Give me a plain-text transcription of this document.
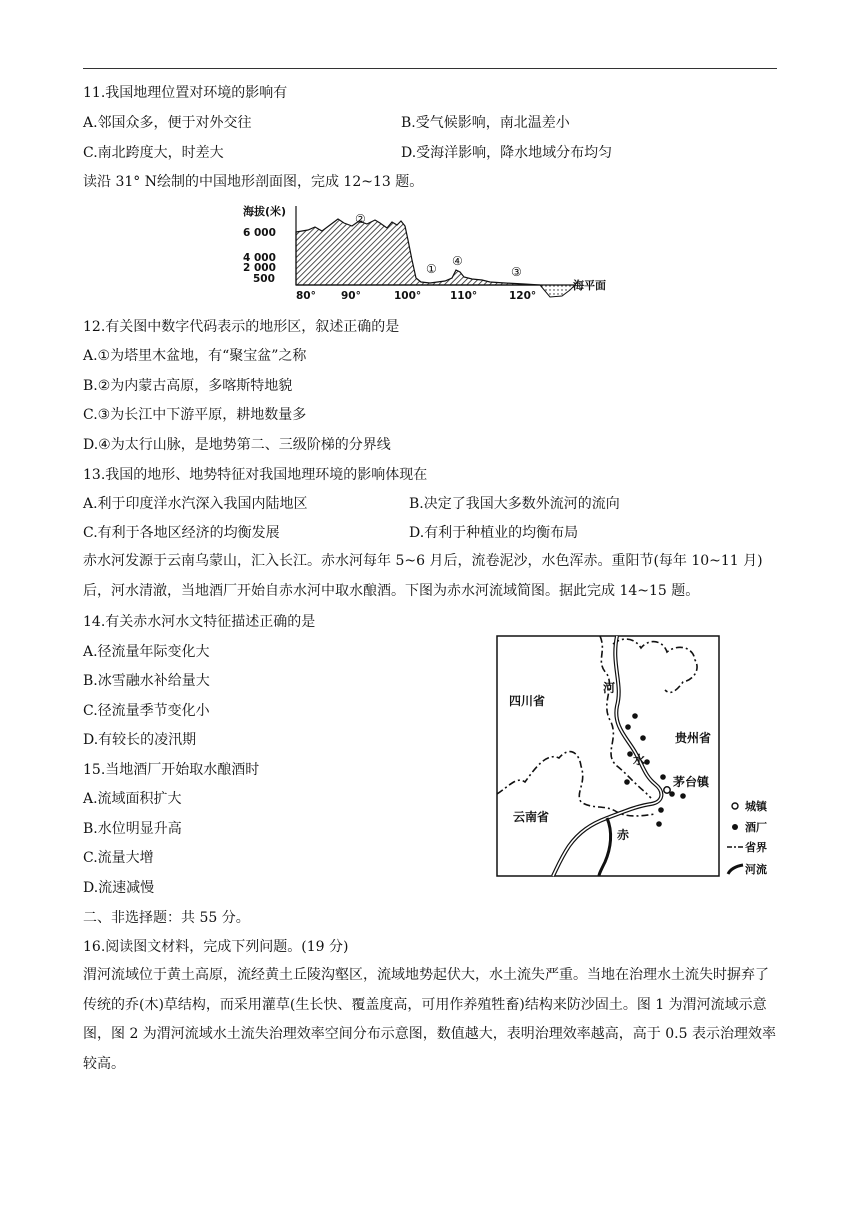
11.我国地理位置对环境的影响有
A.邻国众多，便于对外交往	B.受气候影响，南北温差小
C.南北跨度大，时差大	D.受海洋影响，降水地域分布均匀
读沿 31° N绘制的中国地形剖面图，完成 12~13 题。
海拔(米)
6 000
4 000
2 000
500	海平面
②
①
④
③
80° 90°	100°	110°	120°
12.有关图中数字代码表示的地形区，叙述正确的是
A.①为塔里木盆地，有“聚宝盆”之称
B.②为内蒙古高原，多喀斯特地貌
C.③为长江中下游平原，耕地数量多
D.④为太行山脉，是地势第二、三级阶梯的分界线
13.我国的地形、地势特征对我国地理环境的影响体现在
A.利于印度洋水汽深入我国内陆地区	B.决定了我国大多数外流河的流向
C.有利于各地区经济的均衡发展	D.有利于种植业的均衡布局
赤水河发源于云南乌蒙山，汇入长江。赤水河每年 5~6 月后，流卷泥沙，水色浑赤。重阳节(每年 10~11 月)后，河水清澈，当地酒厂开始自赤水河中取水酿酒。下图为赤水河流域简图。据此完成 14~15 题。
14.有关赤水河水文特征描述正确的是
A.径流量年际变化大
B.冰雪融水补给量大
C.径流量季节变化小
D.有较长的凌汛期
15.当地酒厂开始取水酿酒时
A.流域面积扩大
B.水位明显升高
C.流量大增
D.流速减慢
四川省
贵州省
云南省
河
水
赤
茅台镇
城镇
酒厂
省界
河流
二、非选择题：共 55 分。
16.阅读图文材料，完成下列问题。(19 分)
渭河流域位于黄土高原，流经黄土丘陵沟壑区，流域地势起伏大，水土流失严重。当地在治理水土流失时摒弃了传统的乔(木)草结构，而采用灌草(生长快、覆盖度高，可用作养殖牲畜)结构来防沙固土。图 1 为渭河流域示意图，图 2 为渭河流域水土流失治理效率空间分布示意图，数值越大，表明治理效率越高，高于 0.5 表示治理效率较高。
